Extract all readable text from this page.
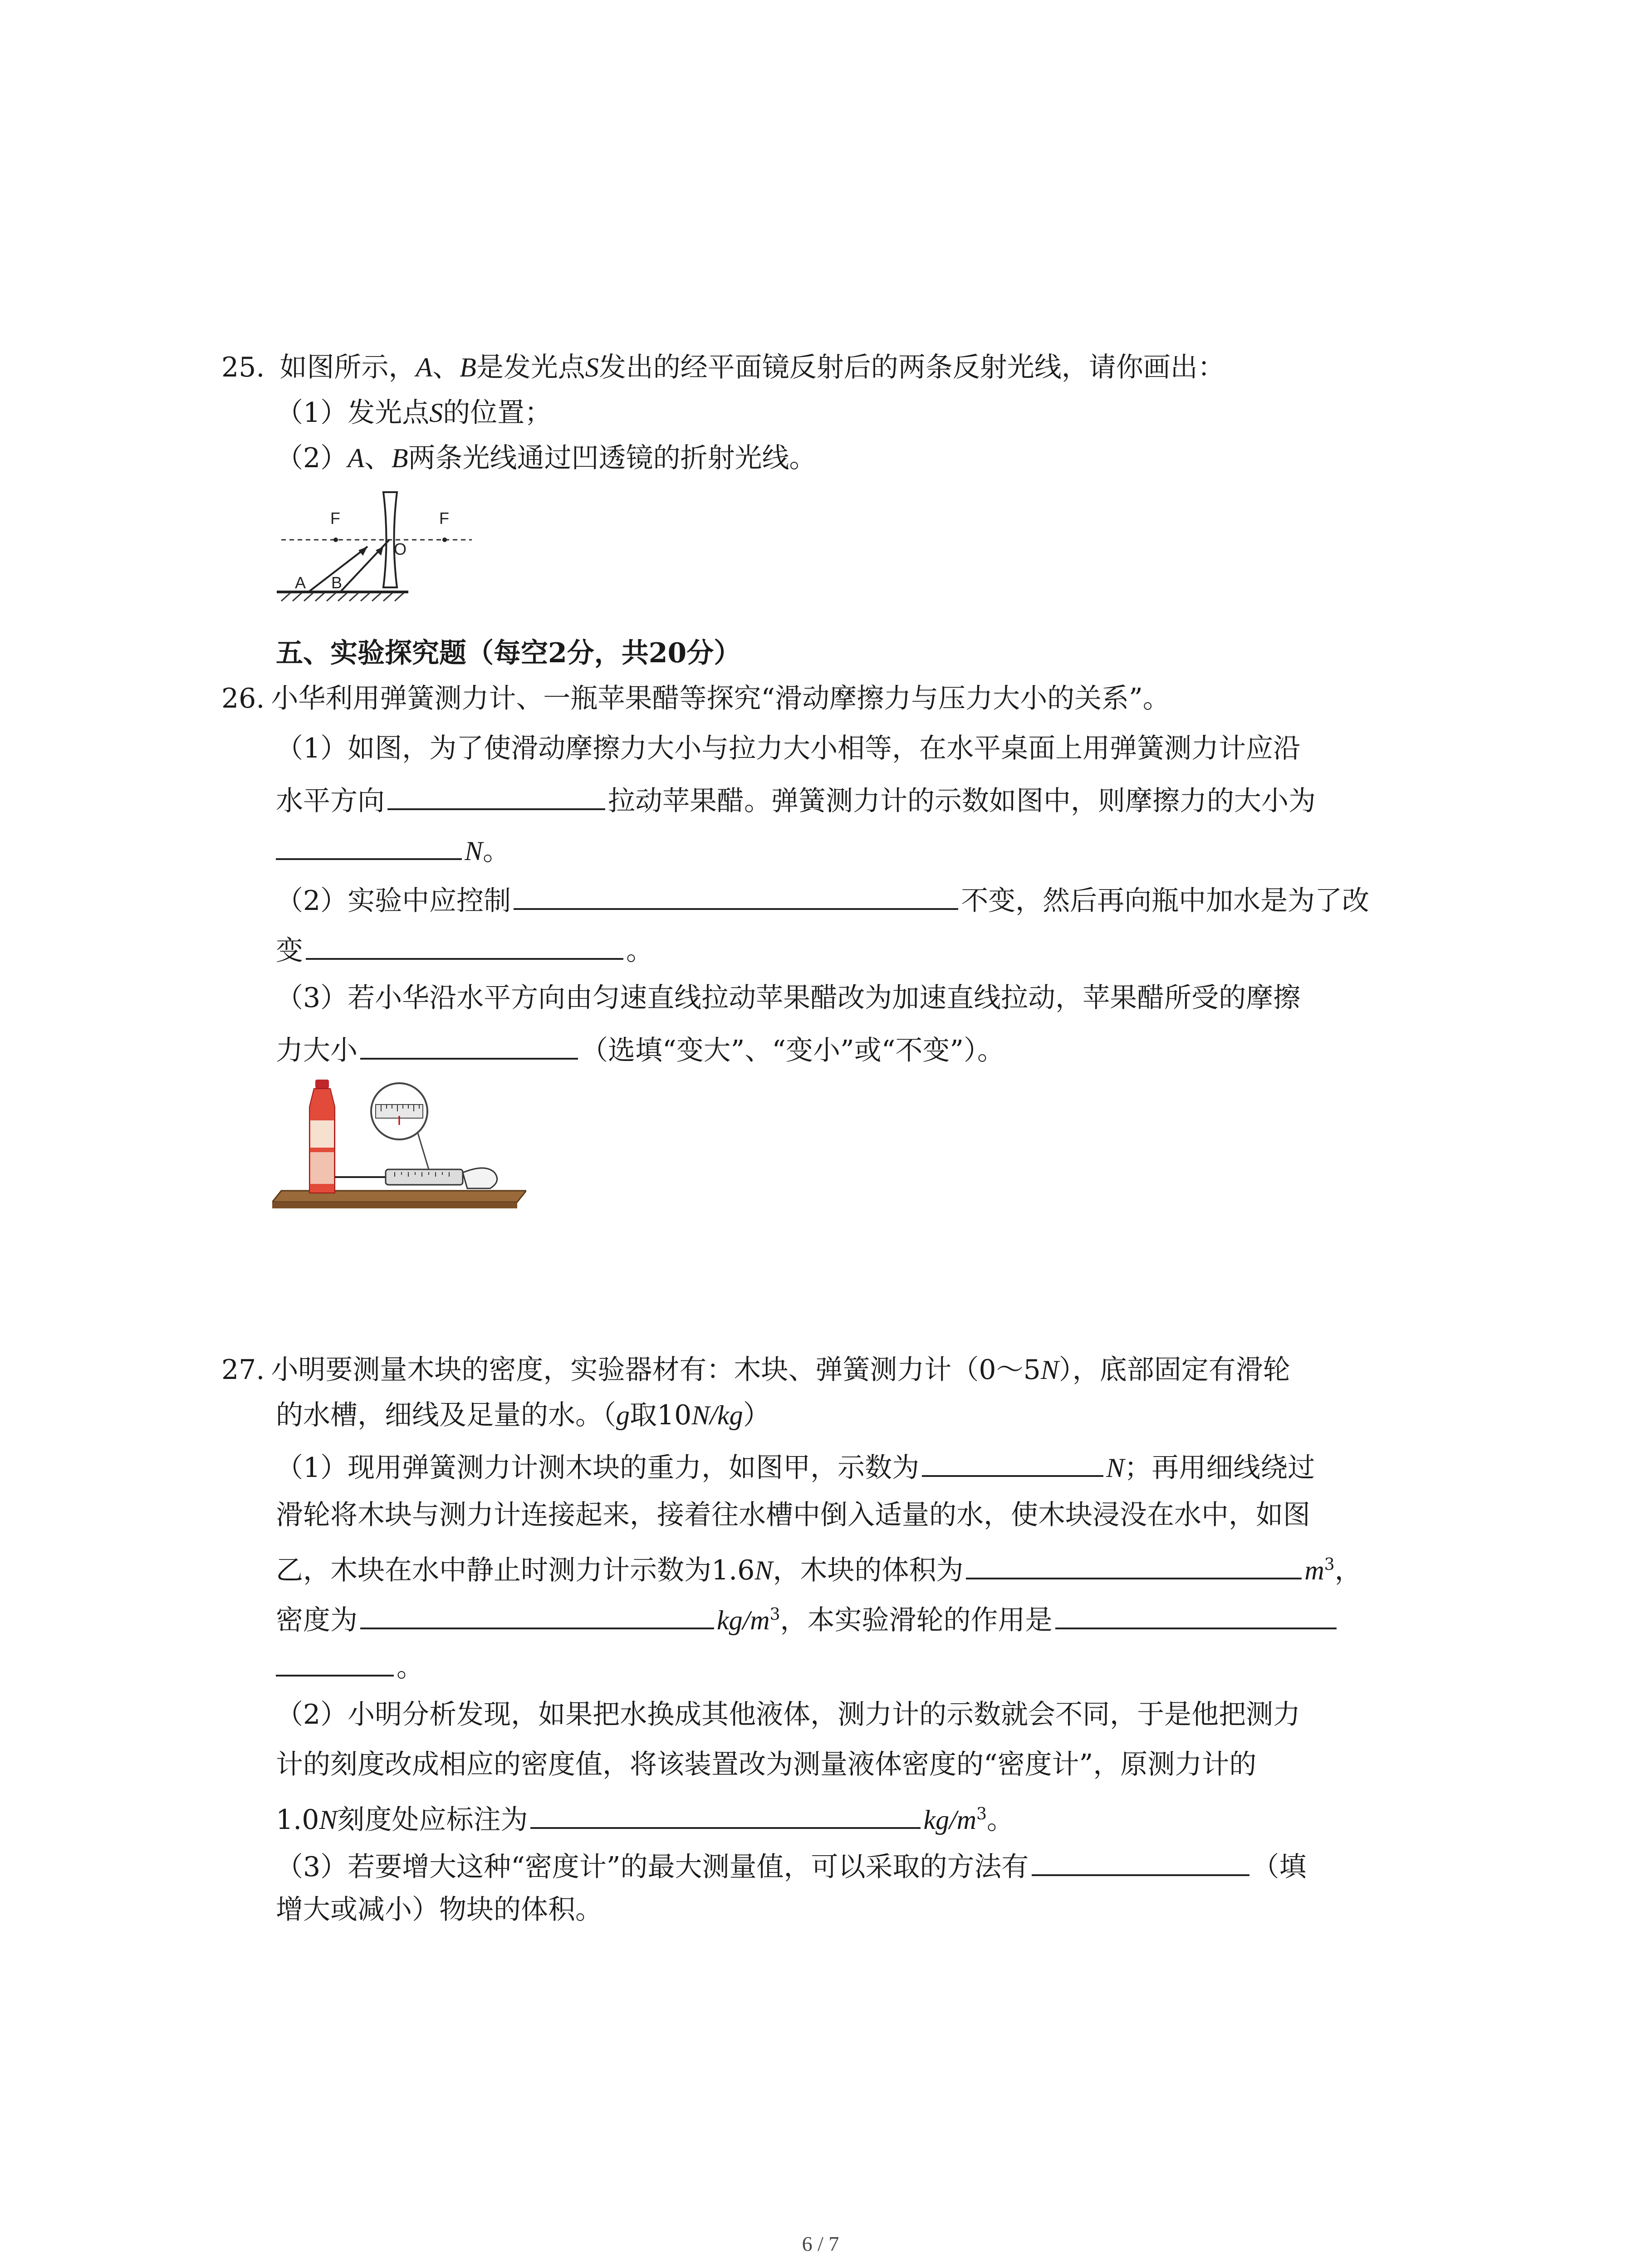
25. 如图所示，A、B是发光点S发出的经平面镜反射后的两条反射光线，请你画出：
（1）发光点S的位置；
（2）A、B两条光线通过凹透镜的折射光线。
F	F
O
A B
五、实验探究题（每空2分，共20分）
26. 小华利用弹簧测力计、一瓶苹果醋等探究“滑动摩擦力与压力大小的关系”。
（1）如图，为了使滑动摩擦力大小与拉力大小相等，在水平桌面上用弹簧测力计应沿
水平方向	拉动苹果醋。弹簧测力计的示数如图中，则摩擦力的大小为
N。
（2）实验中应控制	不变，然后再向瓶中加水是为了改
变	。
（3）若小华沿水平方向由匀速直线拉动苹果醋改为加速直线拉动，苹果醋所受的摩擦
力大小	（选填“变大”、“变小”或“不变”）。
27. 小明要测量木块的密度，实验器材有：木块、弹簧测力计（0～5N），底部固定有滑轮
的水槽，细线及足量的水。（g取10N/kg）
（1）现用弹簧测力计测木块的重力，如图甲，示数为	N；再用细线绕过
滑轮将木块与测力计连接起来，接着往水槽中倒入适量的水，使木块浸没在水中，如图
乙，木块在水中静止时测力计示数为1.6N，木块的体积为	$m^3$，
密度为	$kg/m^3$，本实验滑轮的作用是
。
（2）小明分析发现，如果把水换成其他液体，测力计的示数就会不同，于是他把测力
计的刻度改成相应的密度值，将该装置改为测量液体密度的“密度计”，原测力计的
1.0N刻度处应标注为	$kg/m^3$。
（3）若要增大这种“密度计”的最大测量值，可以采取的方法有	（填
增大或减小）物块的体积。
6 / 7
